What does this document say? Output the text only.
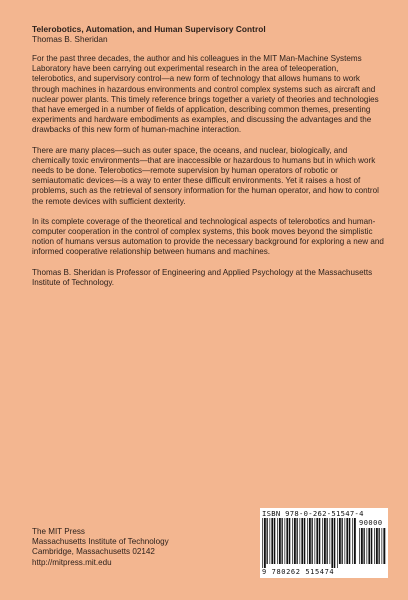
Telerobotics, Automation, and Human Supervisory Control

Thomas B. Sheridan

For the past three decades, the author and his colleagues in the MIT Man-Machine Systems Laboratory have been carrying out experimental research in the area of teleoperation, telerobotics, and supervisory control—a new form of technology that allows humans to work through machines in hazardous environments and control complex systems such as aircraft and nuclear power plants. This timely reference brings together a variety of theories and technologies that have emerged in a number of fields of application, describing common themes, presenting experiments and hardware embodiments as examples, and discussing the advantages and the drawbacks of this new form of human-machine interaction.

There are many places—such as outer space, the oceans, and nuclear, biologically, and chemically toxic environments—that are inaccessible or hazardous to humans but in which work needs to be done. Telerobotics—remote supervision by human operators of robotic or semiautomatic devices—is a way to enter these difficult environments. Yet it raises a host of problems, such as the retrieval of sensory information for the human operator, and how to control the remote devices with sufficient dexterity.

In its complete coverage of the theoretical and technological aspects of telerobotics and human-computer cooperation in the control of complex systems, this book moves beyond the simplistic notion of humans versus automation to provide the necessary background for exploring a new and informed cooperative relationship between humans and machines.

Thomas B. Sheridan is Professor of Engineering and Applied Psychology at the Massachusetts Institute of Technology.

The MIT Press
Massachusetts Institute of Technology
Cambridge, Massachusetts 02142
http://mitpress.mit.edu
ISBN 978-0-262-51547-4
90000
9 780262 515474
